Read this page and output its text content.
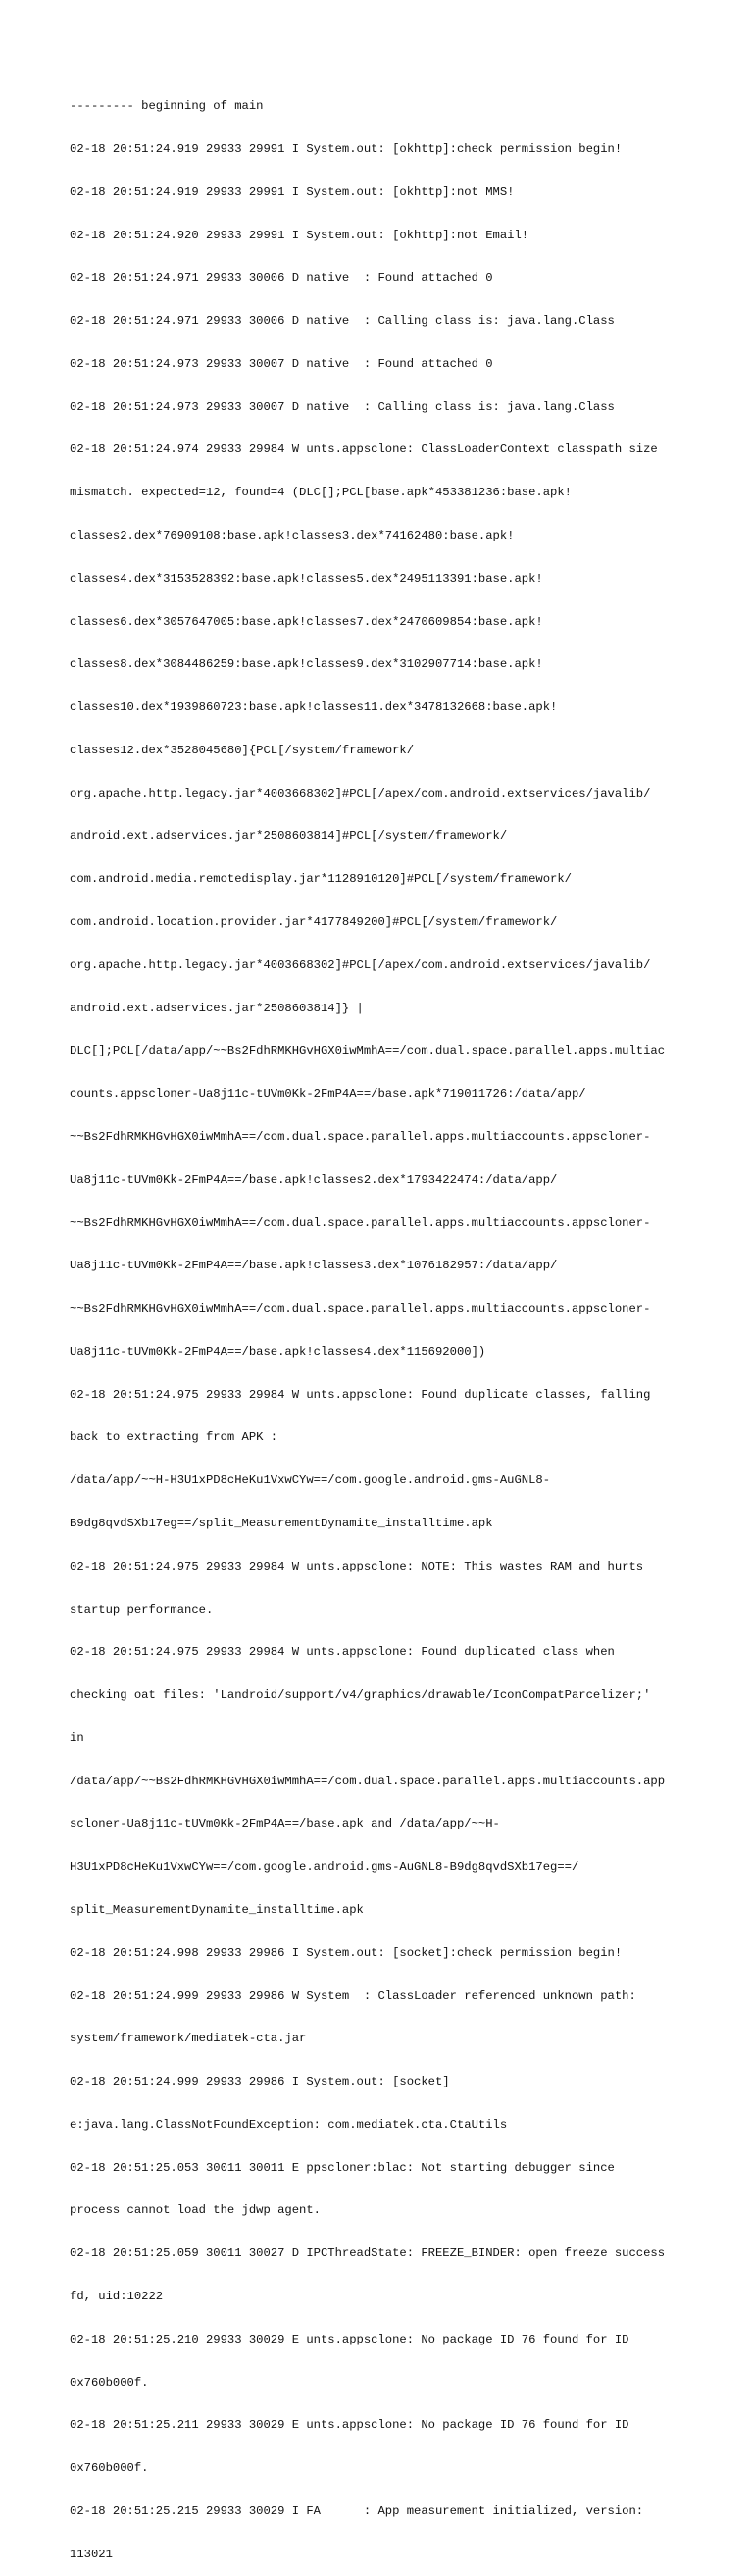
--------- beginning of main

02-18 20:51:24.919 29933 29991 I System.out: [okhttp]:check permission begin!

02-18 20:51:24.919 29933 29991 I System.out: [okhttp]:not MMS!

02-18 20:51:24.920 29933 29991 I System.out: [okhttp]:not Email!

02-18 20:51:24.971 29933 30006 D native  : Found attached 0

02-18 20:51:24.971 29933 30006 D native  : Calling class is: java.lang.Class

02-18 20:51:24.973 29933 30007 D native  : Found attached 0

02-18 20:51:24.973 29933 30007 D native  : Calling class is: java.lang.Class

02-18 20:51:24.974 29933 29984 W unts.appsclone: ClassLoaderContext classpath size

mismatch. expected=12, found=4 (DLC[];PCL[base.apk*453381236:base.apk!

classes2.dex*76909108:base.apk!classes3.dex*74162480:base.apk!

classes4.dex*3153528392:base.apk!classes5.dex*2495113391:base.apk!

classes6.dex*3057647005:base.apk!classes7.dex*2470609854:base.apk!

classes8.dex*3084486259:base.apk!classes9.dex*3102907714:base.apk!

classes10.dex*1939860723:base.apk!classes11.dex*3478132668:base.apk!

classes12.dex*3528045680]{PCL[/system/framework/

org.apache.http.legacy.jar*4003668302]#PCL[/apex/com.android.extservices/javalib/

android.ext.adservices.jar*2508603814]#PCL[/system/framework/

com.android.media.remotedisplay.jar*1128910120]#PCL[/system/framework/

com.android.location.provider.jar*4177849200]#PCL[/system/framework/

org.apache.http.legacy.jar*4003668302]#PCL[/apex/com.android.extservices/javalib/

android.ext.adservices.jar*2508603814]} |

DLC[];PCL[/data/app/~~Bs2FdhRMKHGvHGX0iwMmhA==/com.dual.space.parallel.apps.multiac

counts.appscloner-Ua8j11c-tUVm0Kk-2FmP4A==/base.apk*719011726:/data/app/

~~Bs2FdhRMKHGvHGX0iwMmhA==/com.dual.space.parallel.apps.multiaccounts.appscloner-

Ua8j11c-tUVm0Kk-2FmP4A==/base.apk!classes2.dex*1793422474:/data/app/

~~Bs2FdhRMKHGvHGX0iwMmhA==/com.dual.space.parallel.apps.multiaccounts.appscloner-

Ua8j11c-tUVm0Kk-2FmP4A==/base.apk!classes3.dex*1076182957:/data/app/

~~Bs2FdhRMKHGvHGX0iwMmhA==/com.dual.space.parallel.apps.multiaccounts.appscloner-

Ua8j11c-tUVm0Kk-2FmP4A==/base.apk!classes4.dex*115692000])

02-18 20:51:24.975 29933 29984 W unts.appsclone: Found duplicate classes, falling

back to extracting from APK :

/data/app/~~H-H3U1xPD8cHeKu1VxwCYw==/com.google.android.gms-AuGNL8-

B9dg8qvdSXb17eg==/split_MeasurementDynamite_installtime.apk

02-18 20:51:24.975 29933 29984 W unts.appsclone: NOTE: This wastes RAM and hurts

startup performance.

02-18 20:51:24.975 29933 29984 W unts.appsclone: Found duplicated class when

checking oat files: 'Landroid/support/v4/graphics/drawable/IconCompatParcelizer;'

in

/data/app/~~Bs2FdhRMKHGvHGX0iwMmhA==/com.dual.space.parallel.apps.multiaccounts.app

scloner-Ua8j11c-tUVm0Kk-2FmP4A==/base.apk and /data/app/~~H-

H3U1xPD8cHeKu1VxwCYw==/com.google.android.gms-AuGNL8-B9dg8qvdSXb17eg==/

split_MeasurementDynamite_installtime.apk

02-18 20:51:24.998 29933 29986 I System.out: [socket]:check permission begin!

02-18 20:51:24.999 29933 29986 W System  : ClassLoader referenced unknown path:

system/framework/mediatek-cta.jar

02-18 20:51:24.999 29933 29986 I System.out: [socket]

e:java.lang.ClassNotFoundException: com.mediatek.cta.CtaUtils

02-18 20:51:25.053 30011 30011 E ppscloner:blac: Not starting debugger since

process cannot load the jdwp agent.

02-18 20:51:25.059 30011 30027 D IPCThreadState: FREEZE_BINDER: open freeze success

fd, uid:10222

02-18 20:51:25.210 29933 30029 E unts.appsclone: No package ID 76 found for ID

0x760b000f.

02-18 20:51:25.211 29933 30029 E unts.appsclone: No package ID 76 found for ID

0x760b000f.

02-18 20:51:25.215 29933 30029 I FA      : App measurement initialized, version:

113021
